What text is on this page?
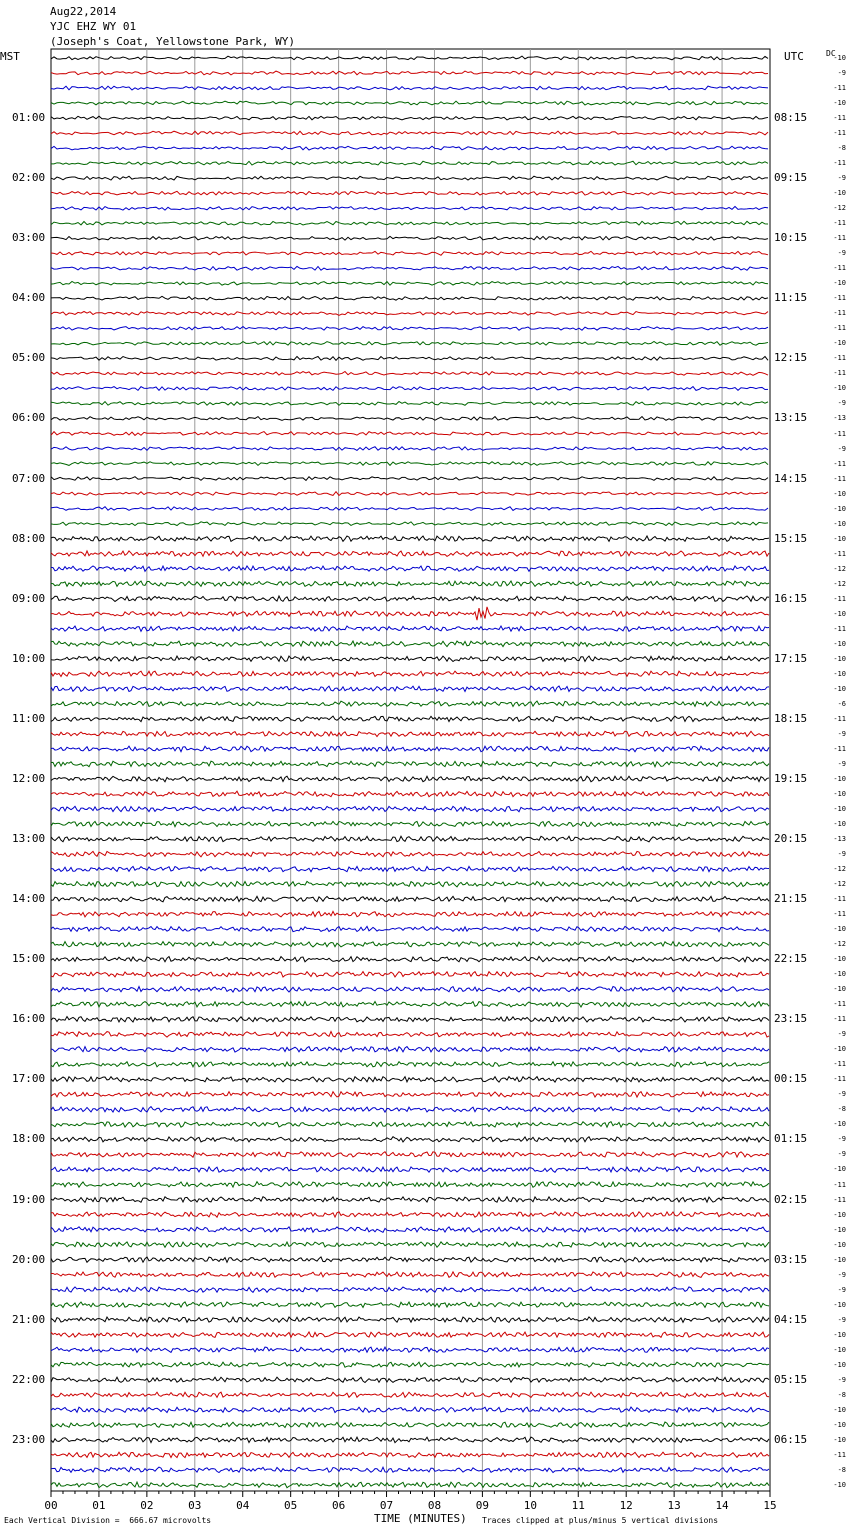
Aug22,2014
YJC EHZ WY 01
(Joseph's Coat, Yellowstone Park, WY)
MST	UTC	DC
-10
-9
-11
-10
-11
-11
-8
-11
-9
-10
-12
-11
-11
-9
-11
-10
-11
-11
-11
-10
-11
-11
-10
-9
-13
-11
-9
-11
-11
-10
-10
-10
-10
-11
-12
-12
-11
-10
-11
-10
-10
-10
-10
-6
-11
-9
-11
-9
-10
-10
-10
-10
-13
-9
-12
-12
-11
-11
-10
-12
-10
-10
-10
-11
-11
-9
-10
-11
-11
-9
-8
-10
-9
-9
-10
-11
-11
-10
-10
-10
-10
-9
-9
-10
-9
-10
-10
-10
-9
-8
-10
-10
-10
-11
-8
-10
01:00	08:15
02:00	09:15
03:00	10:15
04:00	11:15
05:00	12:15
06:00	13:15
07:00	14:15
08:00	15:15
09:00	16:15
10:00	17:15
11:00	18:15
12:00	19:15
13:00	20:15
14:00	21:15
15:00	22:15
16:00	23:15
17:00	00:15
18:00	01:15
19:00	02:15
20:00	03:15
21:00	04:15
22:00	05:15
23:00	06:15
00	01	02	03	04	05	06	07	08	09	10	11	12	13	14	15
TIME (MINUTES)
Each Vertical Division =  666.67 microvolts	Traces clipped at plus/minus 5 vertical divisions
